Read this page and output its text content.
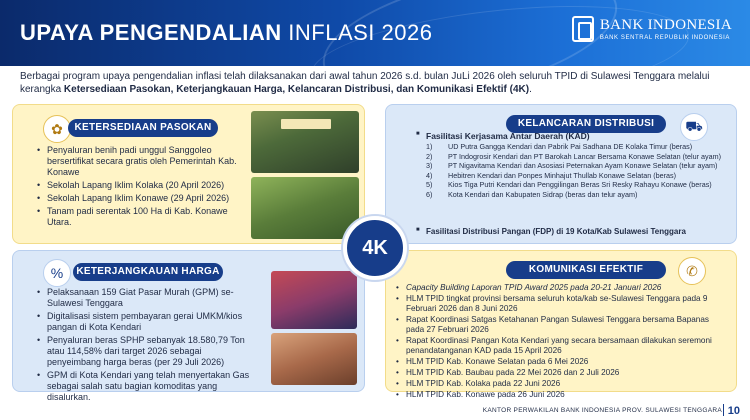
UPAYA PENGENDALIAN INFLASI 2026	BANK INDONESIA
BANK SENTRAL REPUBLIK INDONESIA

Berbagai program upaya pengendalian inflasi telah dilaksanakan dari awal tahun 2026 s.d. bulan JuLi 2026 oleh seluruh TPID di Sulawesi Tenggara melalui kerangka Ketersediaan Pasokan, Keterjangkauan Harga, Kelancaran Distribusi, dan Komunikasi Efektif (4K).

✿	KETERSEDIAAN PASOKAN
• Penyaluran benih padi unggul Sanggoleo bersertifikat secara gratis oleh Pemerintah Kab. Konawe
• Sekolah Lapang Iklim Kolaka (20 April 2026)
• Sekolah Lapang Iklim Konawe (29 April 2026)
• Tanam padi serentak 100 Ha di Kab. Konawe Utara.
KELANCARAN DISTRIBUSI	⛟
■ Fasilitasi Kerjasama Antar Daerah (KAD)
1) UD Putra Gangga Kendari dan Pabrik Pai Sadhana DE Kolaka Timur (beras)
2) PT Indogrosir Kendari dan PT Barokah Lancar Bersama Konawe Selatan (telur ayam)
3) PT Nigavitama Kendari dan Asosiasi Peternakan Ayam Konawe Selatan (telur ayam)
4) Hebitren Kendari dan Ponpes Minhajut Thullab Konawe Selatan (beras)
5) Kios Tiga Putri Kendari dan Penggilingan Beras Sri Resky Rahayu Konawe (beras)
6) Kota Kendari dan Kabupaten Sidrap (beras dan telur ayam)
■ Fasilitasi Distribusi Pangan (FDP) di 19 Kota/Kab Sulawesi Tenggara
%	KETERJANGKAUAN HARGA
• Pelaksanaan 159 Giat Pasar Murah (GPM) se-Sulawesi Tenggara
• Digitalisasi sistem pembayaran gerai UMKM/kios pangan di Kota Kendari
• Penyaluran beras SPHP sebanyak 18.580,79 Ton atau 114,58% dari target 2026 sebagai penyeimbang harga beras (per 29 Juli 2026)
• GPM di Kota Kendari yang telah menyertakan Gas sebagai salah satu bagian komoditas yang disalurkan.
KOMUNIKASI EFEKTIF	✆
• Capacity Building Laporan TPID Award 2025 pada 20-21 Januari 2026
• HLM TPID tingkat provinsi bersama seluruh kota/kab se-Sulawesi Tenggara pada 9 Februari 2026 dan 8 Juni 2026
• Rapat Koordinasi Satgas Ketahanan Pangan Sulawesi Tenggara bersama Bapanas pada 27 Februari 2026
• Rapat Koordinasi Pangan Kota Kendari yang secara bersamaan dilakukan seremoni penandatanganan KAD pada 15 April 2026
• HLM TPID Kab. Konawe Selatan pada 6 Mei 2026
• HLM TPID Kab. Baubau pada 22 Mei 2026 dan 2 Juli 2026
• HLM TPID Kab. Kolaka pada 22 Juni 2026
• HLM TPID Kab. Konawe pada 26 Juni 2026
4K
KANTOR PERWAKILAN BANK INDONESIA PROV. SULAWESI TENGGARA 10
